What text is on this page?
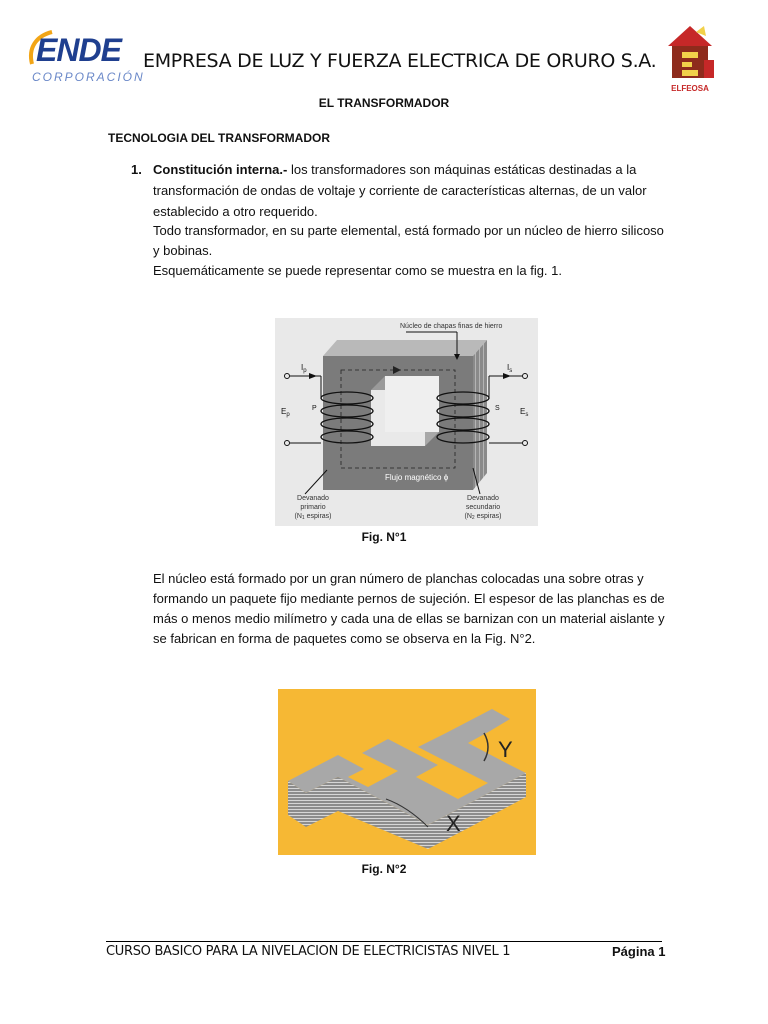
ENDE
CORPORACIÓN
EMPRESA DE LUZ Y FUERZA ELECTRICA DE ORURO S.A.
ELFEOSA
EL TRANSFORMADOR
TECNOLOGIA DEL TRANSFORMADOR
1. Constitución interna.- los transformadores son máquinas estáticas destinadas a la
transformación de ondas de voltaje y corriente de características alternas, de un valor
establecido a otro requerido.
Todo transformador, en su parte elemental, está formado por un núcleo de hierro silicoso
y bobinas.
Esquemáticamente se puede representar como se muestra en la fig. 1.
Núcleo de chapas finas de hierro
$I_p$	$I_s$
$E_p$	$E_s$
P	S
Flujo magnético ϕ
Devanado
primario
(N1 espiras)
Devanado
secundario
(N2 espiras)
Fig. N°1
El núcleo está formado por un gran número de planchas colocadas una sobre otras y
formando un paquete fijo mediante pernos de sujeción. El espesor de las planchas es de
más o menos medio milímetro y cada una de ellas se barnizan con un material aislante y
se fabrican en forma de paquetes como se observa en la Fig. N°2.
Y
X
Fig. N°2
CURSO BASICO PARA LA NIVELACION DE ELECTRICISTAS NIVEL 1	Página 1
